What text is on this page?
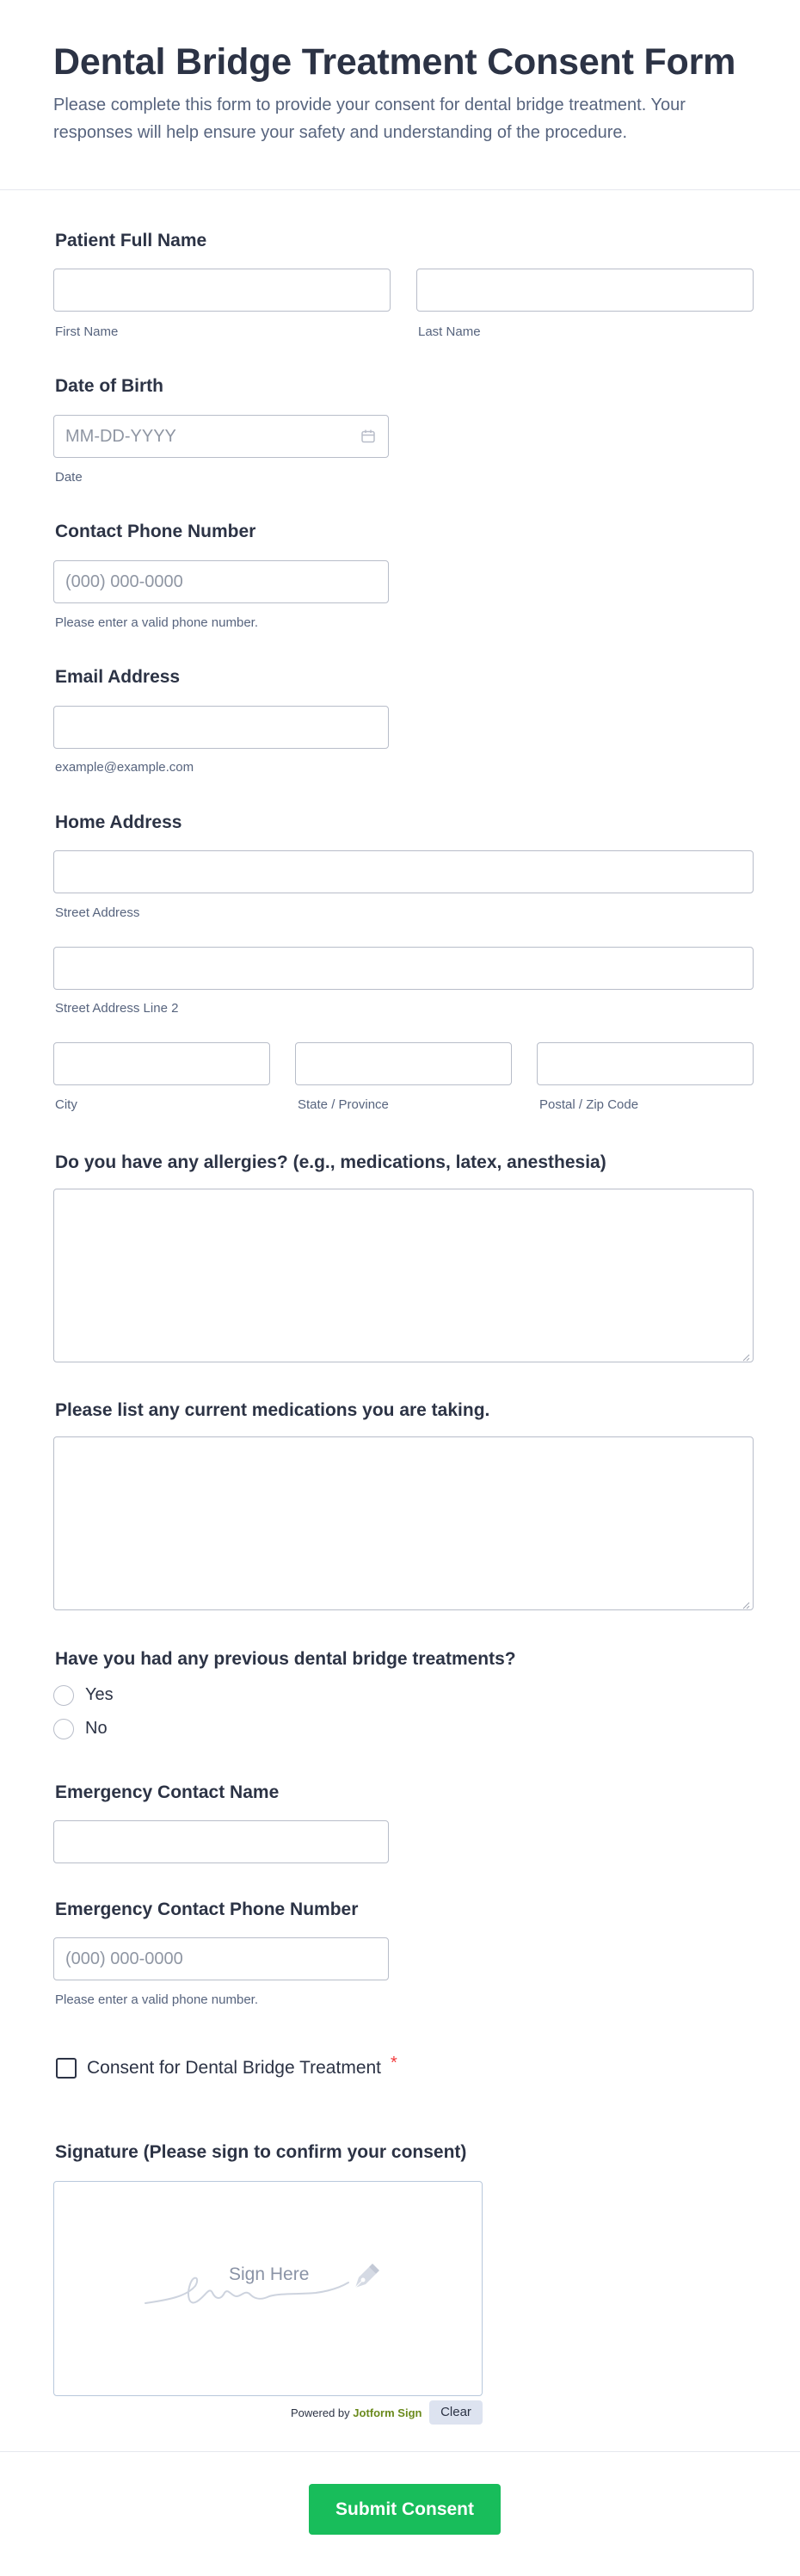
Dental Bridge Treatment Consent Form

Please complete this form to provide your consent for dental bridge treatment. Your responses will help ensure your safety and understanding of the procedure.

Patient Full Name
First Name	Last Name
Date of Birth
MM-DD-YYYY
Date
Contact Phone Number
(000) 000-0000
Please enter a valid phone number.
Email Address
example@example.com
Home Address
Street Address
Street Address Line 2
City	State / Province	Postal / Zip Code
Do you have any allergies? (e.g., medications, latex, anesthesia)
Please list any current medications you are taking.
Have you had any previous dental bridge treatments?
Yes
No
Emergency Contact Name
Emergency Contact Phone Number
(000) 000-0000
Please enter a valid phone number.
Consent for Dental Bridge Treatment *
Signature (Please sign to confirm your consent)
Sign Here
Powered by Jotform Sign	Clear
Submit Consent
